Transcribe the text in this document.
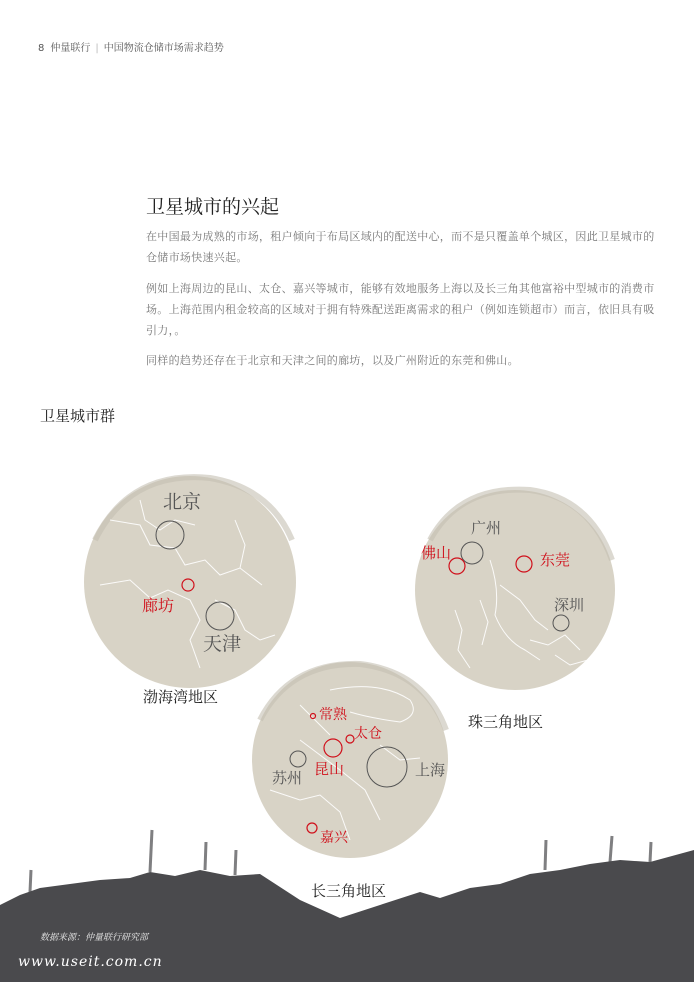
8 仲量联行 | 中国物流仓储市场需求趋势
卫星城市的兴起
在中国最为成熟的市场，租户倾向于布局区域内的配送中心，而不是只覆盖单个城区，因此卫星城市的仓储市场快速兴起。
例如上海周边的昆山、太仓、嘉兴等城市，能够有效地服务上海以及长三角其他富裕中型城市的消费市场。上海范围内租金较高的区域对于拥有特殊配送距离需求的租户（例如连锁超市）而言，依旧具有吸引力，。
同样的趋势还存在于北京和天津之间的廊坊，以及广州附近的东莞和佛山。
卫星城市群
北京
天津
廊坊
广州
深圳
佛山	东莞
常熟
太仓
昆山
苏州	上海
嘉兴
渤海湾地区
珠三角地区
长三角地区
数据来源：仲量联行研究部
www.useit.com.cn
